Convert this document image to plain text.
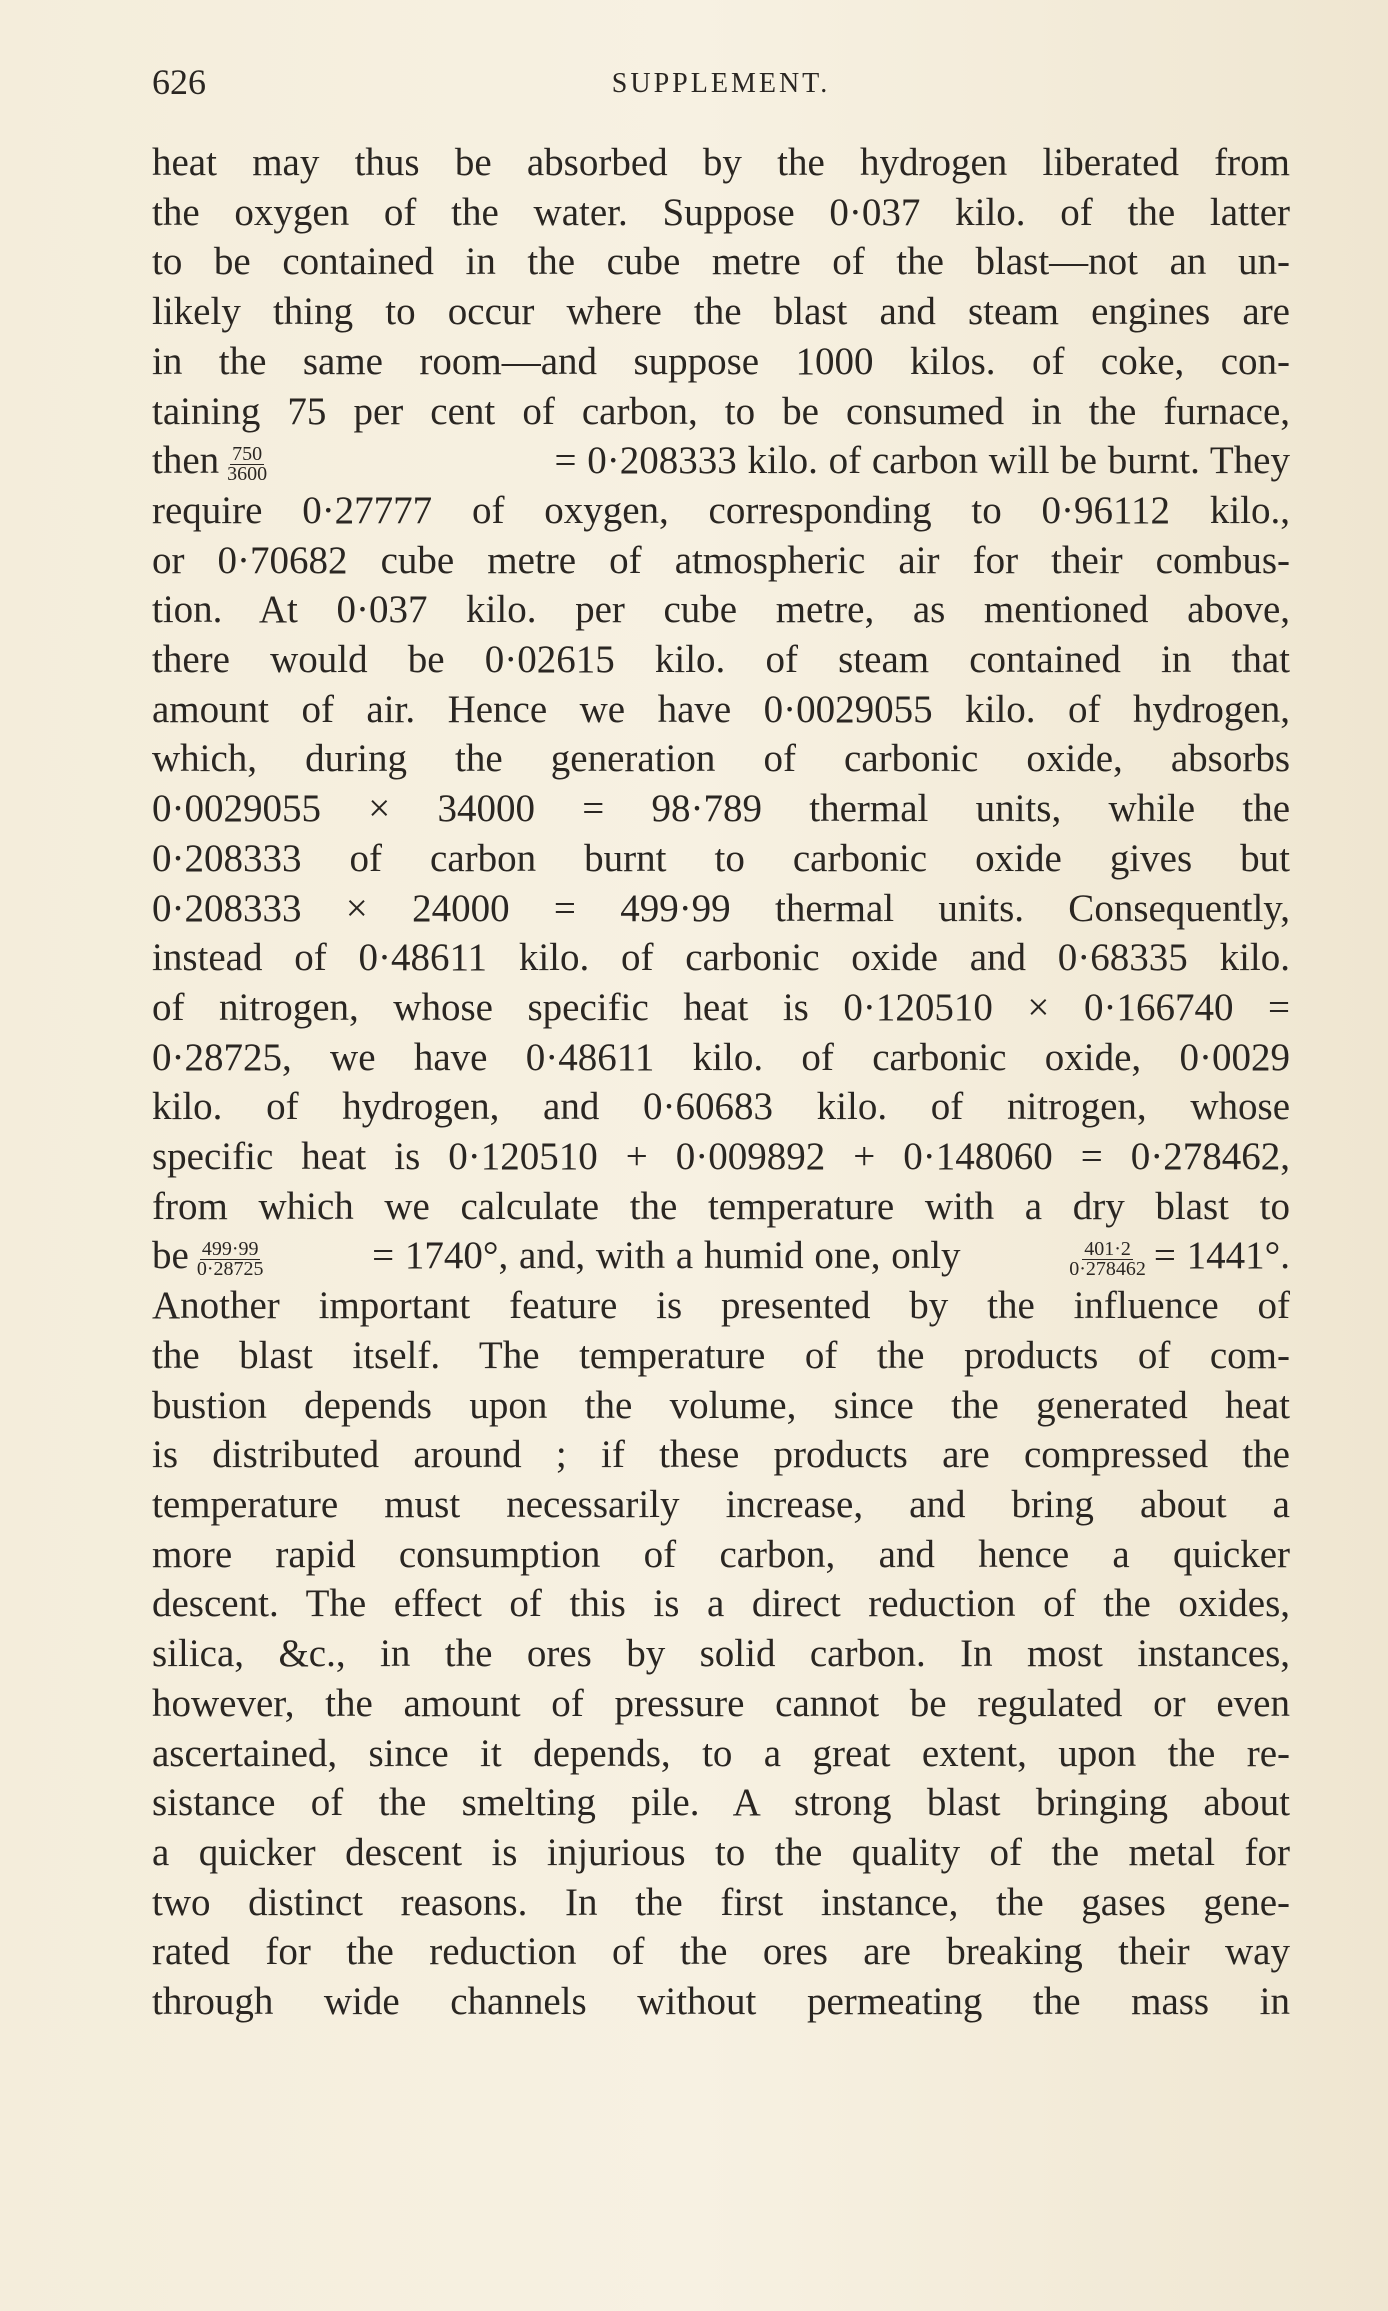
626	SUPPLEMENT.
heat may thus be absorbed by the hydrogen liberated from
the oxygen of the water. Suppose 0·037 kilo. of the latter
to be contained in the cube metre of the blast—not an un-
likely thing to occur where the blast and steam engines are
in the same room—and suppose 1000 kilos. of coke, con-
taining 75 per cent of carbon, to be consumed in the furnace,
then $\frac{750}{3600}$	= 0·208333 kilo. of carbon will be burnt. They
require 0·27777 of oxygen, corresponding to 0·96112 kilo.,
or 0·70682 cube metre of atmospheric air for their combus-
tion. At 0·037 kilo. per cube metre, as mentioned above,
there would be 0·02615 kilo. of steam contained in that
amount of air. Hence we have 0·0029055 kilo. of hydrogen,
which, during the generation of carbonic oxide, absorbs
0·0029055 × 34000 = 98·789 thermal units, while the
0·208333 of carbon burnt to carbonic oxide gives but
0·208333 × 24000 = 499·99 thermal units. Consequently,
instead of 0·48611 kilo. of carbonic oxide and 0·68335 kilo.
of nitrogen, whose specific heat is 0·120510 × 0·166740 =
0·28725, we have 0·48611 kilo. of carbonic oxide, 0·0029
kilo. of hydrogen, and 0·60683 kilo. of nitrogen, whose
specific heat is 0·120510 + 0·009892 + 0·148060 = 0·278462,
from which we calculate the temperature with a dry blast to
be $\frac{499\cdot 99}{0\cdot 28725}$	= 1740°, and, with a humid one, only	$\frac{401\cdot 2}{0\cdot 278462} = 1441^\circ$.
Another important feature is presented by the influence of
the blast itself. The temperature of the products of com-
bustion depends upon the volume, since the generated heat
is distributed around ; if these products are compressed the
temperature must necessarily increase, and bring about a
more rapid consumption of carbon, and hence a quicker
descent. The effect of this is a direct reduction of the oxides,
silica, &c., in the ores by solid carbon. In most instances,
however, the amount of pressure cannot be regulated or even
ascertained, since it depends, to a great extent, upon the re-
sistance of the smelting pile. A strong blast bringing about
a quicker descent is injurious to the quality of the metal for
two distinct reasons. In the first instance, the gases gene-
rated for the reduction of the ores are breaking their way
through wide channels without permeating the mass in
